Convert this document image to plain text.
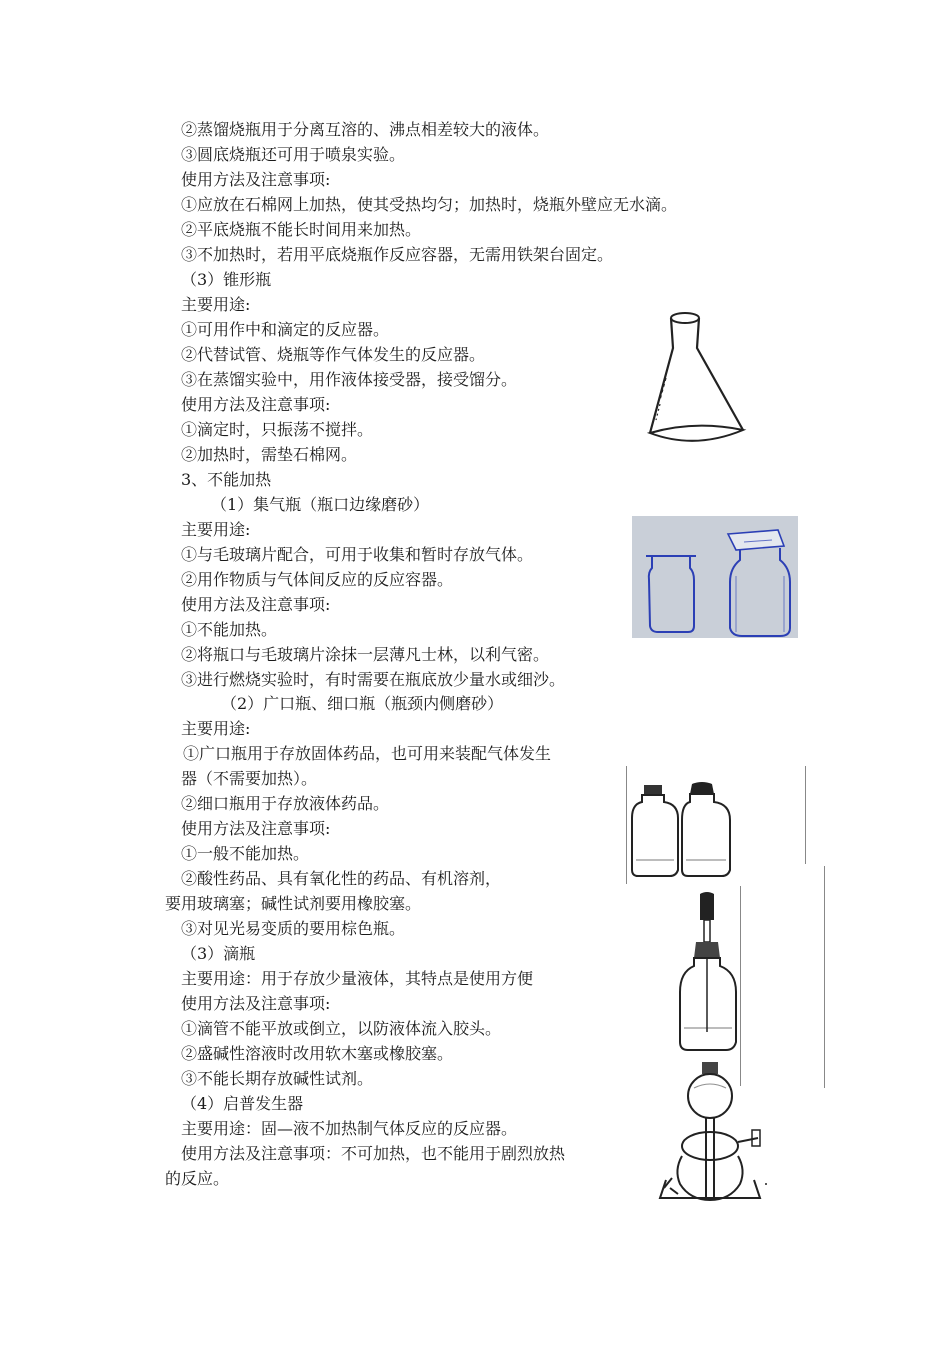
②蒸馏烧瓶用于分离互溶的、沸点相差较大的液体。
③圆底烧瓶还可用于喷泉实验。
使用方法及注意事项:
①应放在石棉网上加热，使其受热均匀；加热时，烧瓶外壁应无水滴。
②平底烧瓶不能长时间用来加热。
③不加热时，若用平底烧瓶作反应容器，无需用铁架台固定。
（3）锥形瓶
主要用途:
①可用作中和滴定的反应器。
②代替试管、烧瓶等作气体发生的反应器。
③在蒸馏实验中，用作液体接受器，接受馏分。
使用方法及注意事项:
①滴定时，只振荡不搅拌。
②加热时，需垫石棉网。
3、不能加热
（1）集气瓶（瓶口边缘磨砂）
主要用途:
①与毛玻璃片配合，可用于收集和暂时存放气体。
②用作物质与气体间反应的反应容器。
使用方法及注意事项:
①不能加热。
②将瓶口与毛玻璃片涂抹一层薄凡士林，以利气密。
③进行燃烧实验时，有时需要在瓶底放少量水或细沙。
（2）广口瓶、细口瓶（瓶颈内侧磨砂）
主要用途:
①广口瓶用于存放固体药品，也可用来装配气体发生
器（不需要加热）。
②细口瓶用于存放液体药品。
使用方法及注意事项:
①一般不能加热。
②酸性药品、具有氧化性的药品、有机溶剂，
要用玻璃塞；碱性试剂要用橡胶塞。
③对见光易变质的要用棕色瓶。
（3）滴瓶
主要用途：用于存放少量液体，其特点是使用方便
使用方法及注意事项:
①滴管不能平放或倒立，以防液体流入胶头。
②盛碱性溶液时改用软木塞或橡胶塞。
③不能长期存放碱性试剂。
（4）启普发生器
主要用途：固—液不加热制气体反应的反应器。
使用方法及注意事项：不可加热，也不能用于剧烈放热
的反应。
